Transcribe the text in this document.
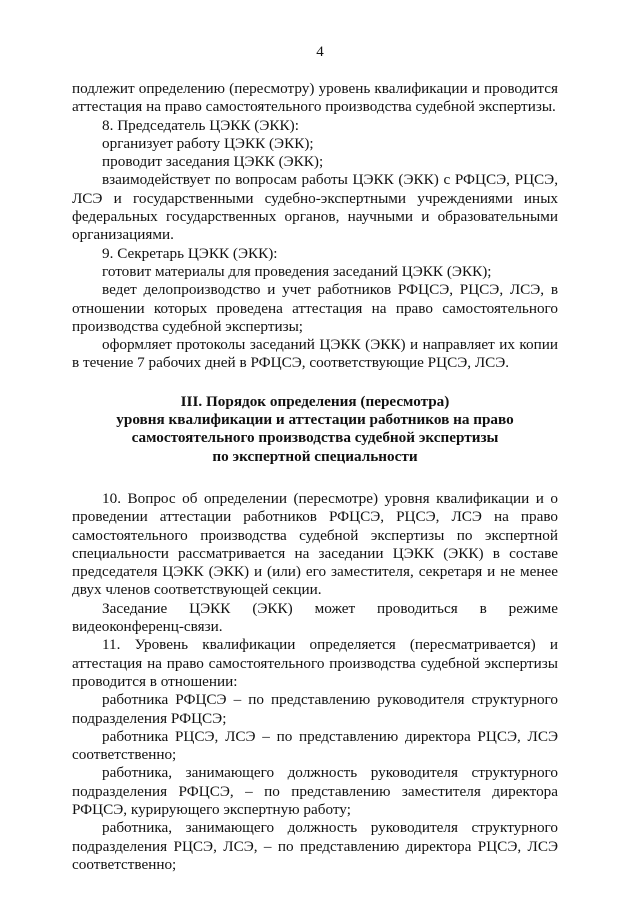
4

подлежит определению (пересмотру) уровень квалификации и проводится аттестация на право самостоятельного производства судебной экспертизы.

8. Председатель ЦЭКК (ЭКК):

организует работу ЦЭКК (ЭКК);

проводит заседания ЦЭКК (ЭКК);

взаимодействует по вопросам работы ЦЭКК (ЭКК) с РФЦСЭ, РЦСЭ, ЛСЭ и государственными судебно-экспертными учреждениями иных федеральных государственных органов, научными и образовательными организациями.

9. Секретарь ЦЭКК (ЭКК):

готовит материалы для проведения заседаний ЦЭКК (ЭКК);

ведет делопроизводство и учет работников РФЦСЭ, РЦСЭ, ЛСЭ, в отношении которых проведена аттестация на право самостоятельного производства судебной экспертизы;

оформляет протоколы заседаний ЦЭКК (ЭКК) и направляет их копии в течение 7 рабочих дней в РФЦСЭ, соответствующие РЦСЭ, ЛСЭ.

III. Порядок определения (пересмотра)
уровня квалификации и аттестации работников на право
самостоятельного производства судебной экспертизы
по экспертной специальности

10. Вопрос об определении (пересмотре) уровня квалификации и о проведении аттестации работников РФЦСЭ, РЦСЭ, ЛСЭ на право самостоятельного производства судебной экспертизы по экспертной специальности рассматривается на заседании ЦЭКК (ЭКК) в составе председателя ЦЭКК (ЭКК) и (или) его заместителя, секретаря и не менее двух членов соответствующей секции.

Заседание ЦЭКК (ЭКК) может проводиться в режиме видеоконференц-связи.

11. Уровень квалификации определяется (пересматривается) и аттестация на право самостоятельного производства судебной экспертизы проводится в отношении:

работника РФЦСЭ – по представлению руководителя структурного подразделения РФЦСЭ;

работника РЦСЭ, ЛСЭ – по представлению директора РЦСЭ, ЛСЭ соответственно;

работника, занимающего должность руководителя структурного подразделения РФЦСЭ, – по представлению заместителя директора РФЦСЭ, курирующего экспертную работу;

работника, занимающего должность руководителя структурного подразделения РЦСЭ, ЛСЭ, – по представлению директора РЦСЭ, ЛСЭ соответственно;
